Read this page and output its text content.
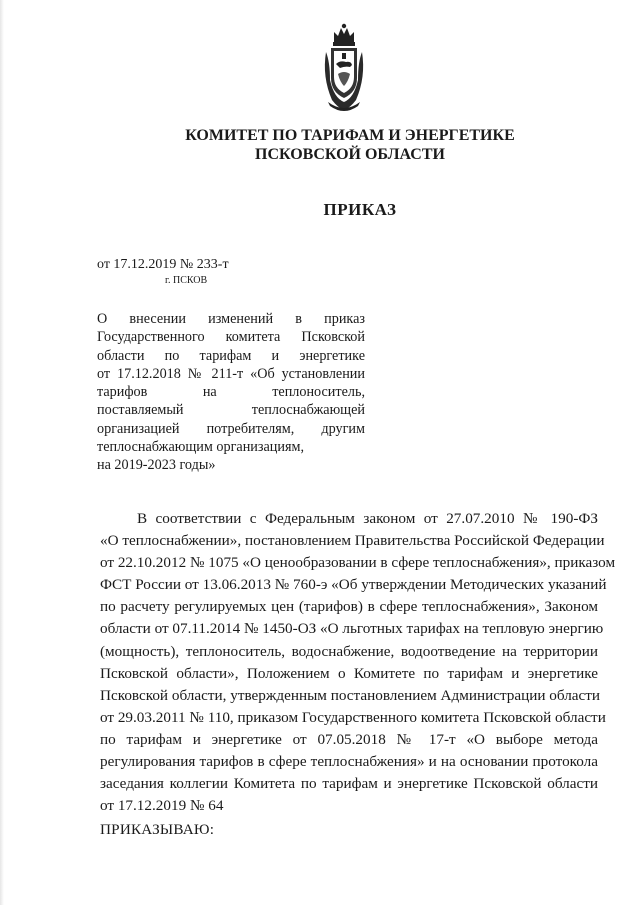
КОМИТЕТ ПО ТАРИФАМ И ЭНЕРГЕТИКЕ
ПСКОВСКОЙ ОБЛАСТИ
ПРИКАЗ
от 17.12.2019 № 233-т
г. ПСКОВ
О внесении изменений в приказ
Государственного комитета Псковской
области по тарифам и энергетике
от 17.12.2018 № 211-т «Об установлении
тарифов на теплоноситель,
поставляемый теплоснабжающей
организацией потребителям, другим
теплоснабжающим организациям,
на 2019-2023 годы»
В соответствии с Федеральным законом от 27.07.2010 № 190-ФЗ
«О теплоснабжении», постановлением Правительства Российской Федерации
от 22.10.2012 № 1075 «О ценообразовании в сфере теплоснабжения», приказом
ФСТ России от 13.06.2013 № 760-э «Об утверждении Методических указаний
по расчету регулируемых цен (тарифов) в сфере теплоснабжения», Законом
области от 07.11.2014 № 1450-ОЗ «О льготных тарифах на тепловую энергию
(мощность), теплоноситель, водоснабжение, водоотведение на территории
Псковской области», Положением о Комитете по тарифам и энергетике
Псковской области, утвержденным постановлением Администрации области
от 29.03.2011 № 110, приказом Государственного комитета Псковской области
по тарифам и энергетике от 07.05.2018 № 17-т «О выборе метода
регулирования тарифов в сфере теплоснабжения» и на основании протокола
заседания коллегии Комитета по тарифам и энергетике Псковской области
от 17.12.2019 № 64
ПРИКАЗЫВАЮ:
